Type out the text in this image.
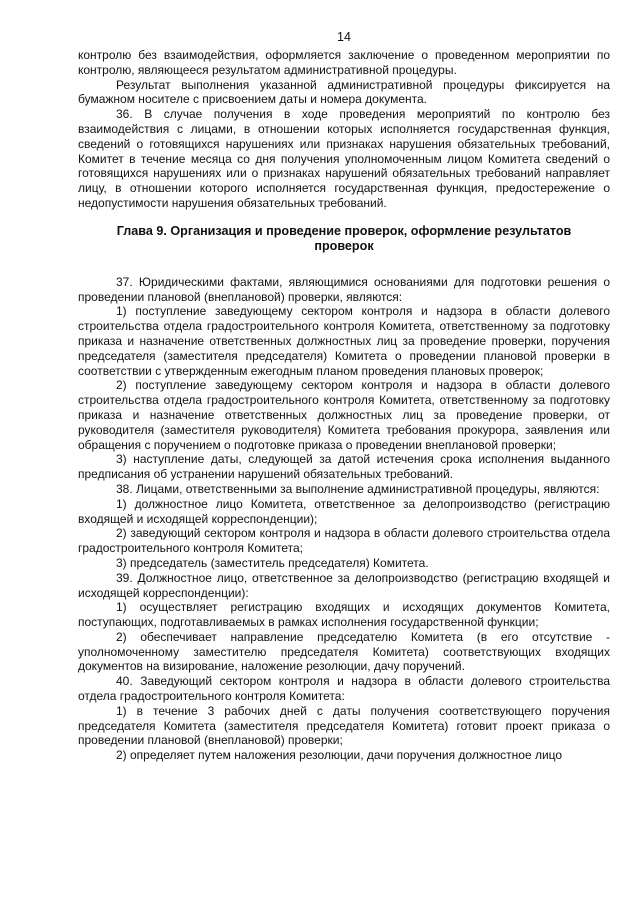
14

контролю без взаимодействия, оформляется заключение о проведенном мероприятии по контролю, являющееся результатом административной процедуры.

Результат выполнения указанной административной процедуры фиксируется на бумажном носителе с присвоением даты и номера документа.

36. В случае получения в ходе проведения мероприятий по контролю без взаимодействия с лицами, в отношении которых исполняется государственная функция, сведений о готовящихся нарушениях или признаках нарушения обязательных требований, Комитет в течение месяца со дня получения уполномоченным лицом Комитета сведений о готовящихся нарушениях или о признаках нарушений обязательных требований направляет лицу, в отношении которого исполняется государственная функция, предостережение о недопустимости нарушения обязательных требований.

Глава 9. Организация и проведение проверок, оформление результатов проверок

37. Юридическими фактами, являющимися основаниями для подготовки решения о проведении плановой (внеплановой) проверки, являются:

1) поступление заведующему сектором контроля и надзора в области долевого строительства отдела градостроительного контроля Комитета, ответственному за подготовку приказа и назначение ответственных должностных лиц за проведение проверки, поручения председателя (заместителя председателя) Комитета о проведении плановой проверки в соответствии с утвержденным ежегодным планом проведения плановых проверок;

2) поступление заведующему сектором контроля и надзора в области долевого строительства отдела градостроительного контроля Комитета, ответственному за подготовку приказа и назначение ответственных должностных лиц за проведение проверки, от руководителя (заместителя руководителя) Комитета требования прокурора, заявления или обращения с поручением о подготовке приказа о проведении внеплановой проверки;

3) наступление даты, следующей за датой истечения срока исполнения выданного предписания об устранении нарушений обязательных требований.

38. Лицами, ответственными за выполнение административной процедуры, являются:

1) должностное лицо Комитета, ответственное за делопроизводство (регистрацию входящей и исходящей корреспонденции);

2) заведующий сектором контроля и надзора в области долевого строительства отдела градостроительного контроля Комитета;

3) председатель (заместитель председателя) Комитета.

39. Должностное лицо, ответственное за делопроизводство (регистрацию входящей и исходящей корреспонденции):

1) осуществляет регистрацию входящих и исходящих документов Комитета, поступающих, подготавливаемых в рамках исполнения государственной функции;

2) обеспечивает направление председателю Комитета (в его отсутствие - уполномоченному заместителю председателя Комитета) соответствующих входящих документов на визирование, наложение резолюции, дачу поручений.

40. Заведующий сектором контроля и надзора в области долевого строительства отдела градостроительного контроля Комитета:

1) в течение 3 рабочих дней с даты получения соответствующего поручения председателя Комитета (заместителя председателя Комитета) готовит проект приказа о проведении плановой (внеплановой) проверки;

2) определяет путем наложения резолюции, дачи поручения должностное лицо
